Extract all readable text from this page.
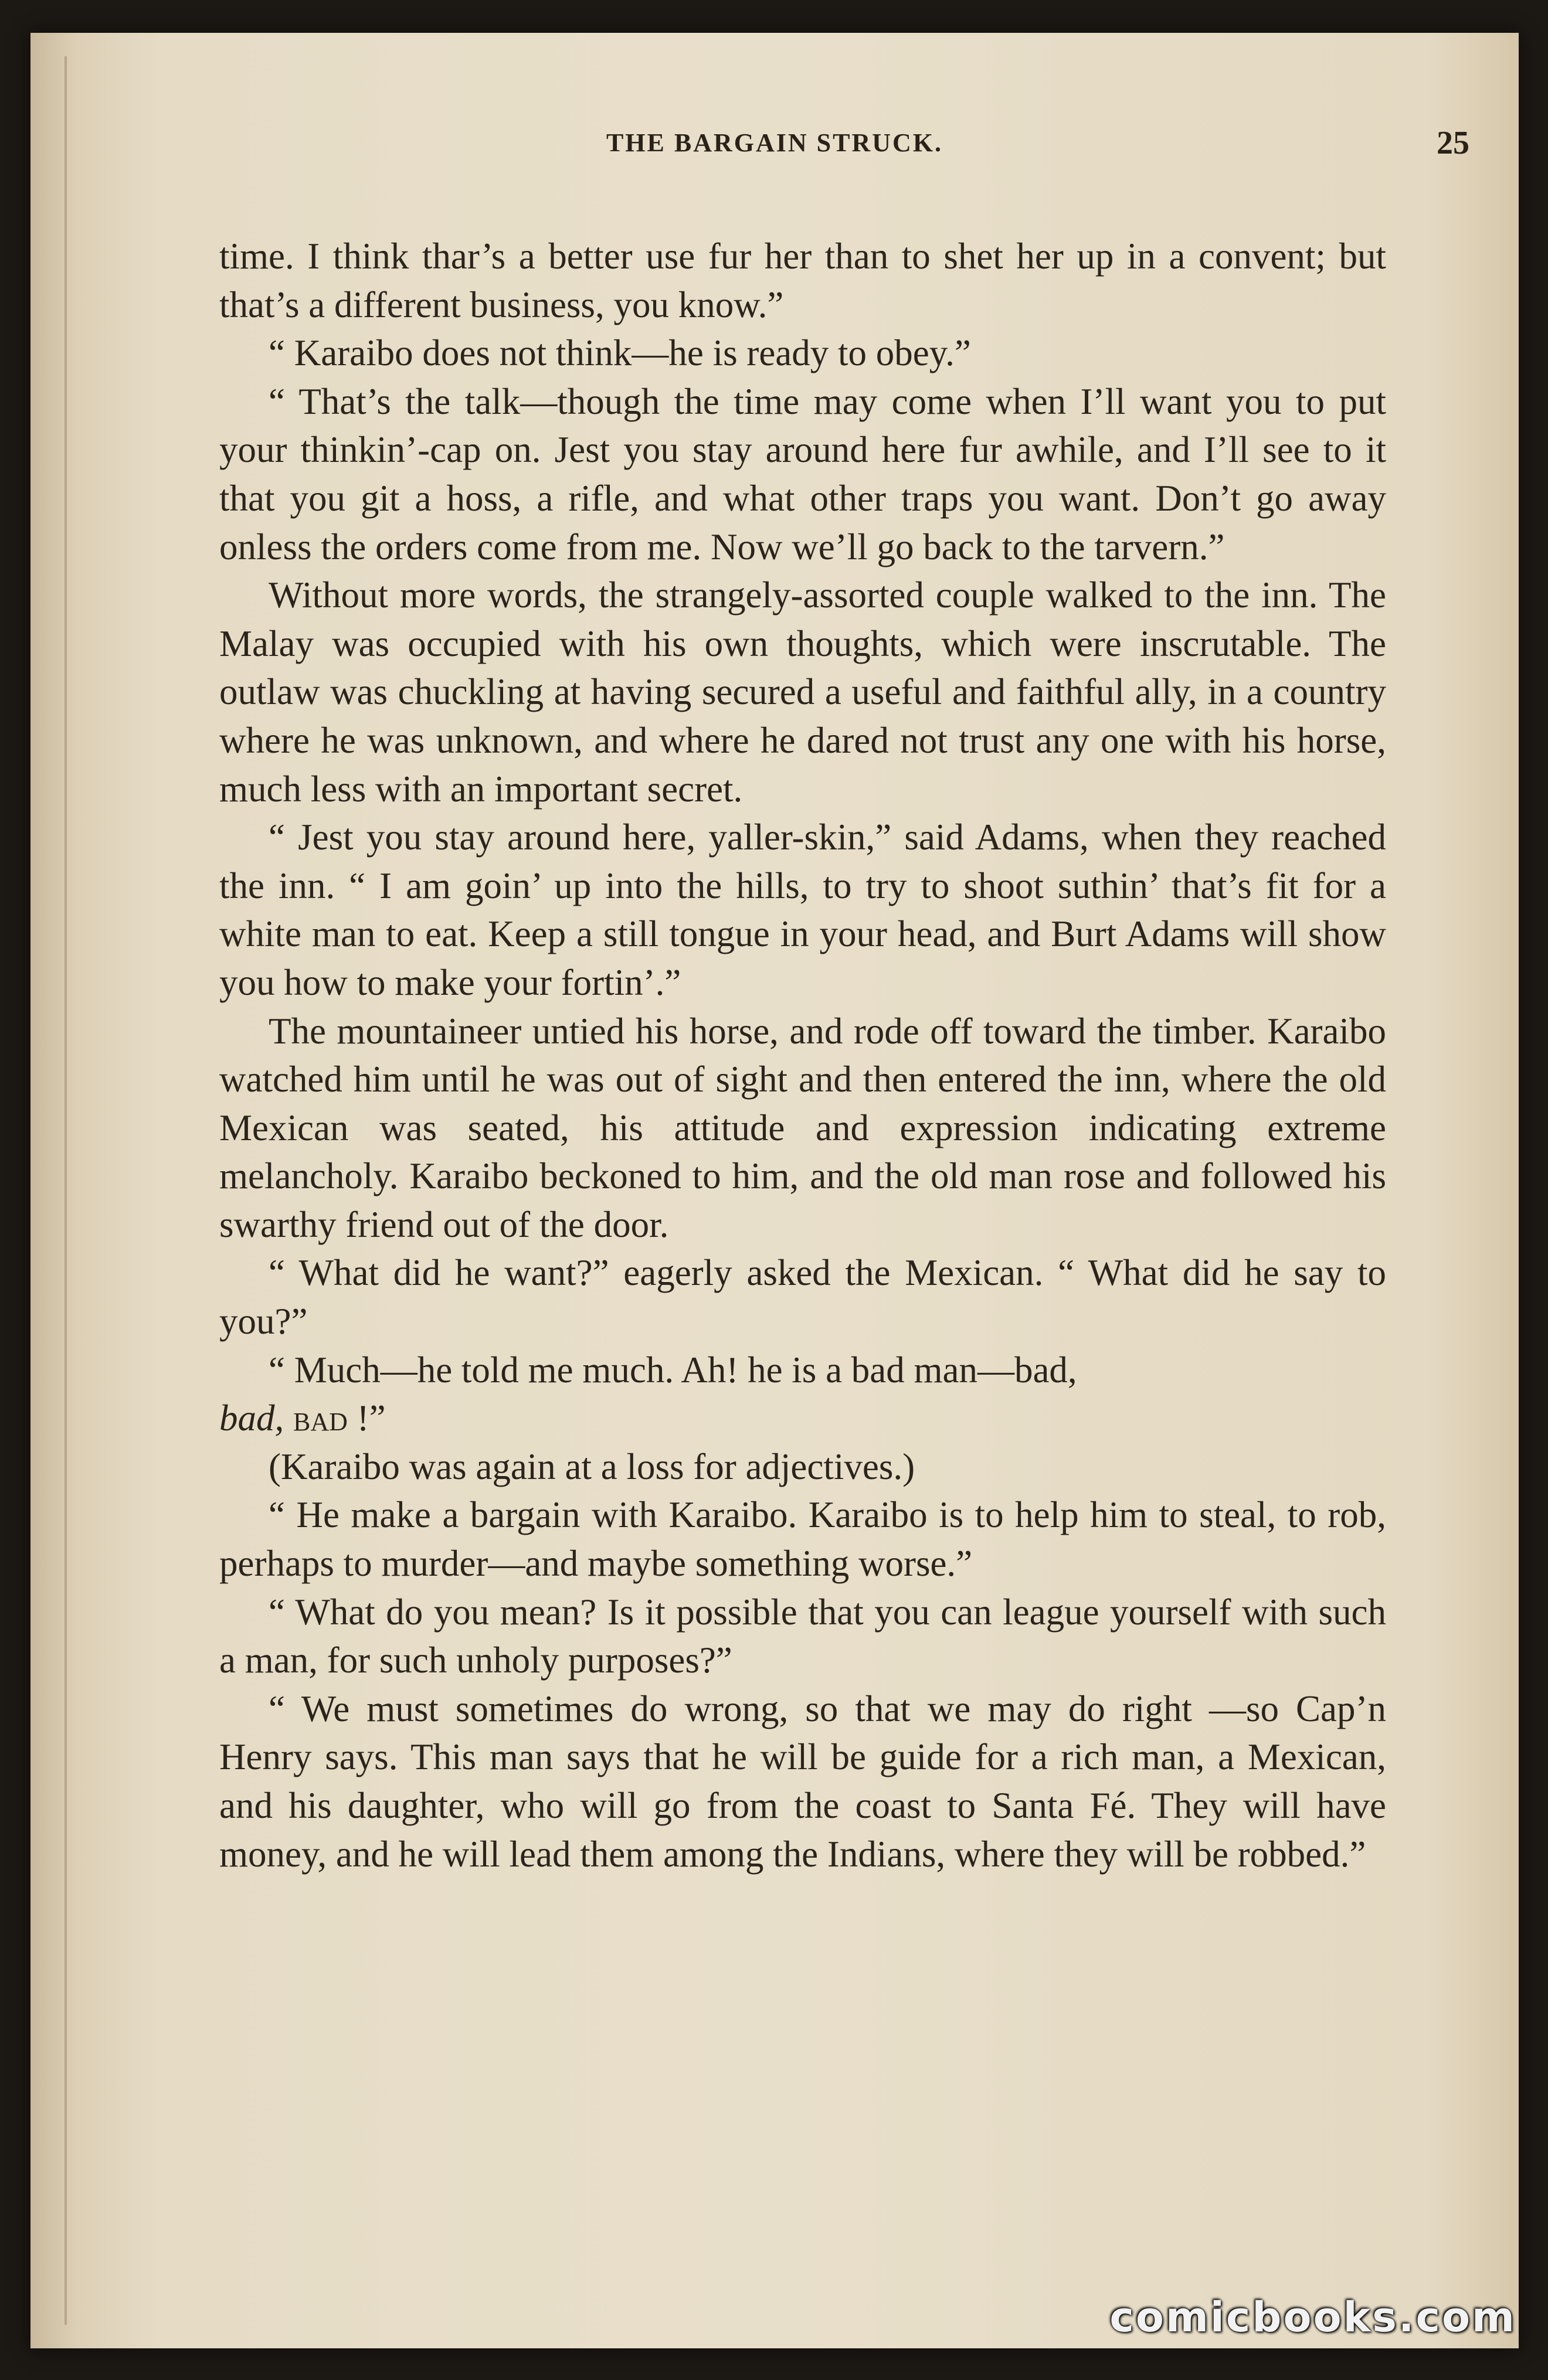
THE BARGAIN STRUCK.	25

time. I think thar’s a better use fur her than to shet her up in a convent; but that’s a different business, you know.”

“ Karaibo does not think—he is ready to obey.”

“ That’s the talk—though the time may come when I’ll want you to put your thinkin’-cap on. Jest you stay around here fur awhile, and I’ll see to it that you git a hoss, a rifle, and what other traps you want. Don’t go away onless the orders come from me. Now we’ll go back to the tarvern.”

Without more words, the strangely-assorted couple walked to the inn. The Malay was occupied with his own thoughts, which were inscrutable. The outlaw was chuckling at having secured a useful and faithful ally, in a country where he was unknown, and where he dared not trust any one with his horse, much less with an important secret.

“ Jest you stay around here, yaller-skin,” said Adams, when they reached the inn. “ I am goin’ up into the hills, to try to shoot suthin’ that’s fit for a white man to eat. Keep a still tongue in your head, and Burt Adams will show you how to make your fortin’.”

The mountaineer untied his horse, and rode off toward the timber. Karaibo watched him until he was out of sight and then entered the inn, where the old Mexican was seated, his attitude and expression indicating extreme melancholy. Karaibo beckoned to him, and the old man rose and followed his swarthy friend out of the door.

“ What did he want?” eagerly asked the Mexican. “ What did he say to you?”

“ Much—he told me much. Ah! he is a bad man—bad,

bad, bad !”

(Karaibo was again at a loss for adjectives.)

“ He make a bargain with Karaibo. Karaibo is to help him to steal, to rob, perhaps to murder—and maybe something worse.”

“ What do you mean? Is it possible that you can league yourself with such a man, for such unholy purposes?”

“ We must sometimes do wrong, so that we may do right —so Cap’n Henry says. This man says that he will be guide for a rich man, a Mexican, and his daughter, who will go from the coast to Santa Fé. They will have money, and he will lead them among the Indians, where they will be robbed.”

comicbooks.com
